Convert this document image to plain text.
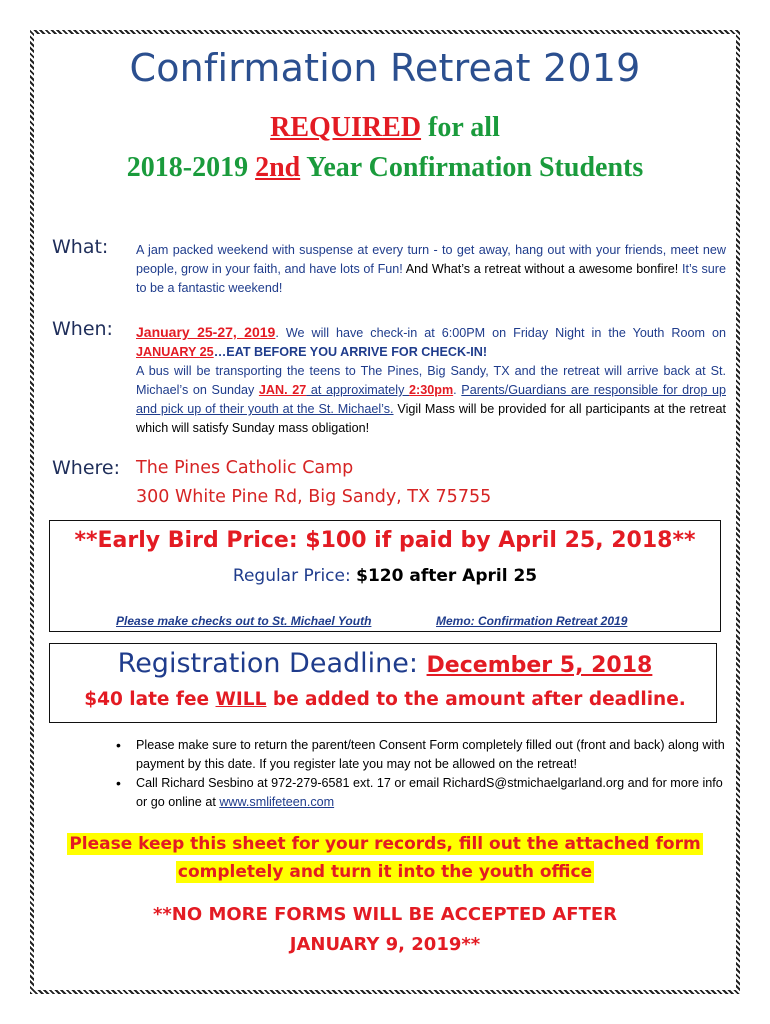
Confirmation Retreat 2019
REQUIRED for all
2018-2019 2nd Year Confirmation Students
What: A jam packed weekend with suspense at every turn - to get away, hang out with your friends, meet new people, grow in your faith, and have lots of Fun! And What’s a retreat without a awesome bonfire! It’s sure to be a fantastic weekend!
When: January 25-27, 2019. We will have check-in at 6:00PM on Friday Night in the Youth Room on JANUARY 25…EAT BEFORE YOU ARRIVE FOR CHECK-IN!
A bus will be transporting the teens to The Pines, Big Sandy, TX and the retreat will arrive back at St. Michael’s on Sunday JAN. 27 at approximately 2:30pm. Parents/Guardians are responsible for drop up and pick up of their youth at the St. Michael’s. Vigil Mass will be provided for all participants at the retreat which will satisfy Sunday mass obligation!
Where: The Pines Catholic Camp
300 White Pine Rd, Big Sandy, TX 75755
**Early Bird Price: $100 if paid by April 25, 2018**
Regular Price: $120 after April 25
Please make checks out to St. Michael Youth	Memo: Confirmation Retreat 2019
Registration Deadline: December 5, 2018
$40 late fee WILL be added to the amount after deadline.
• Please make sure to return the parent/teen Consent Form completely filled out (front and back) along with payment by this date. If you register late you may not be allowed on the retreat!
• Call Richard Sesbino at 972-279-6581 ext. 17 or email RichardS@stmichaelgarland.org and for more info or go online at www.smlifeteen.com
Please keep this sheet for your records, fill out the attached form
completely and turn it into the youth office
**NO MORE FORMS WILL BE ACCEPTED AFTER
JANUARY 9, 2019**
